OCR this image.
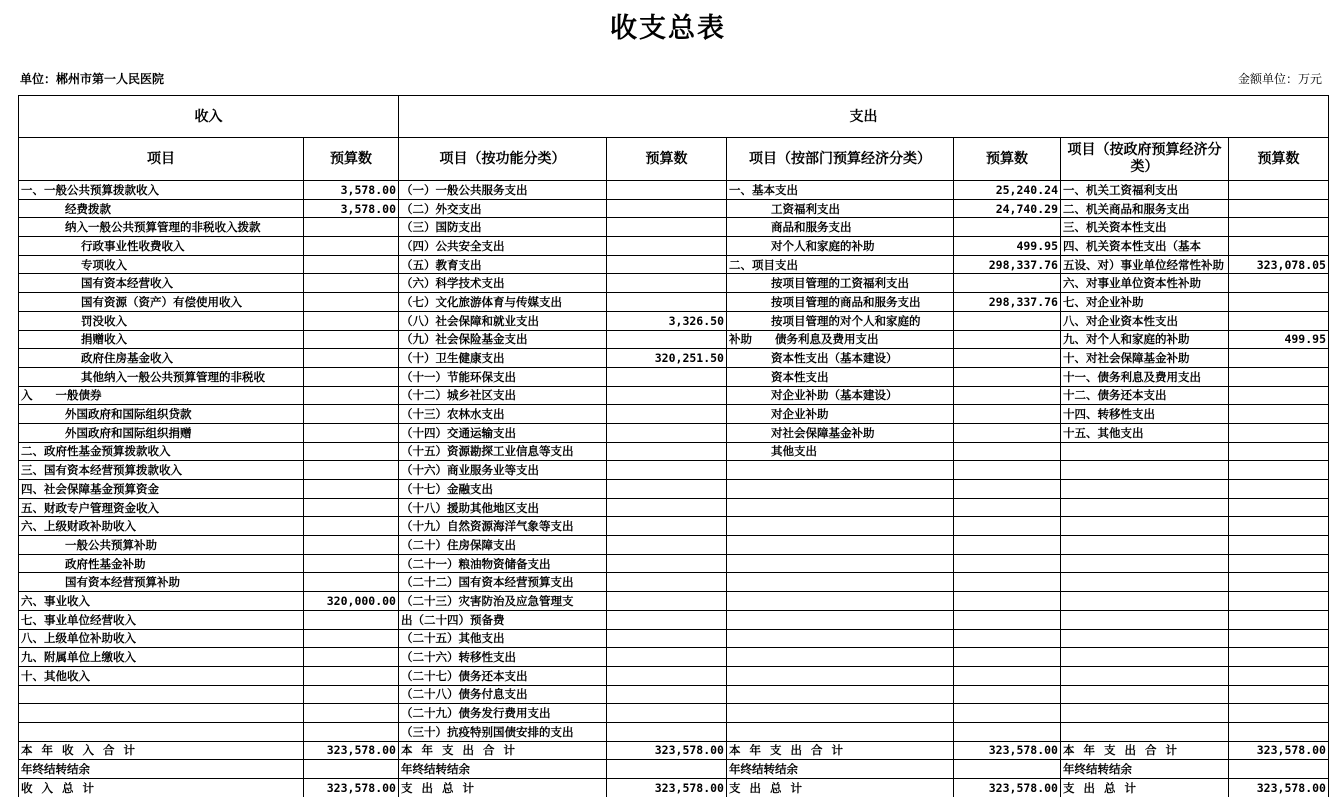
收支总表
单位：郴州市第一人民医院	金额单位：万元
收入		支出					
项目	预算数	项目（按功能分类）	预算数	项目（按部门预算经济分类）	预算数	项目（按政府预算经济分类）	预算数
一、一般公共预算拨款收入	3,578.00	（一）一般公共服务支出		一、基本支出	25,240.24	一、机关工资福利支出	
经费拨款	3,578.00	（二）外交支出		工资福利支出	24,740.29	二、机关商品和服务支出	
纳入一般公共预算管理的非税收入拨款		（三）国防支出		商品和服务支出		三、机关资本性支出	
行政事业性收费收入		（四）公共安全支出		对个人和家庭的补助	499.95	四、机关资本性支出（基本	
专项收入		（五）教育支出		二、项目支出	298,337.76	五设、对）事业单位经常性补助	323,078.05
国有资本经营收入		（六）科学技术支出		按项目管理的工资福利支出		六、对事业单位资本性补助	
国有资源（资产）有偿使用收入		（七）文化旅游体育与传媒支出		按项目管理的商品和服务支出	298,337.76	七、对企业补助	
罚没收入		（八）社会保障和就业支出	3,326.50	按项目管理的对个人和家庭的		八、对企业资本性支出	
捐赠收入		（九）社会保险基金支出		补助　　债务利息及费用支出		九、对个人和家庭的补助	499.95
政府住房基金收入		（十）卫生健康支出	320,251.50	资本性支出（基本建设）		十、对社会保障基金补助	
其他纳入一般公共预算管理的非税收		（十一）节能环保支出		资本性支出		十一、债务利息及费用支出	
入　　一般债券		（十二）城乡社区支出		对企业补助（基本建设）		十二、债务还本支出	
外国政府和国际组织贷款		（十三）农林水支出		对企业补助		十四、转移性支出	
外国政府和国际组织捐赠		（十四）交通运输支出		对社会保障基金补助		十五、其他支出	
二、政府性基金预算拨款收入		（十五）资源勘探工业信息等支出		其他支出			
三、国有资本经营预算拨款收入		（十六）商业服务业等支出					
四、社会保障基金预算资金		（十七）金融支出					
五、财政专户管理资金收入		（十八）援助其他地区支出					
六、上级财政补助收入		（十九）自然资源海洋气象等支出					
一般公共预算补助		（二十）住房保障支出					
政府性基金补助		（二十一）粮油物资储备支出					
国有资本经营预算补助		（二十二）国有资本经营预算支出					
六、事业收入	320,000.00	（二十三）灾害防治及应急管理支					
七、事业单位经营收入		出（二十四）预备费					
八、上级单位补助收入		（二十五）其他支出					
九、附属单位上缴收入		（二十六）转移性支出					
十、其他收入		（二十七）债务还本支出					
		（二十八）债务付息支出					
		（二十九）债务发行费用支出					
		（三十）抗疫特别国债安排的支出					
本年收入合计	323,578.00	本年支出合计	323,578.00	本年支出合计	323,578.00	本年支出合计	323,578.00
年终结转结余		年终结转结余		年终结转结余		年终结转结余	
收入总计	323,578.00	支出总计	323,578.00	支出总计	323,578.00	支出总计	323,578.00
